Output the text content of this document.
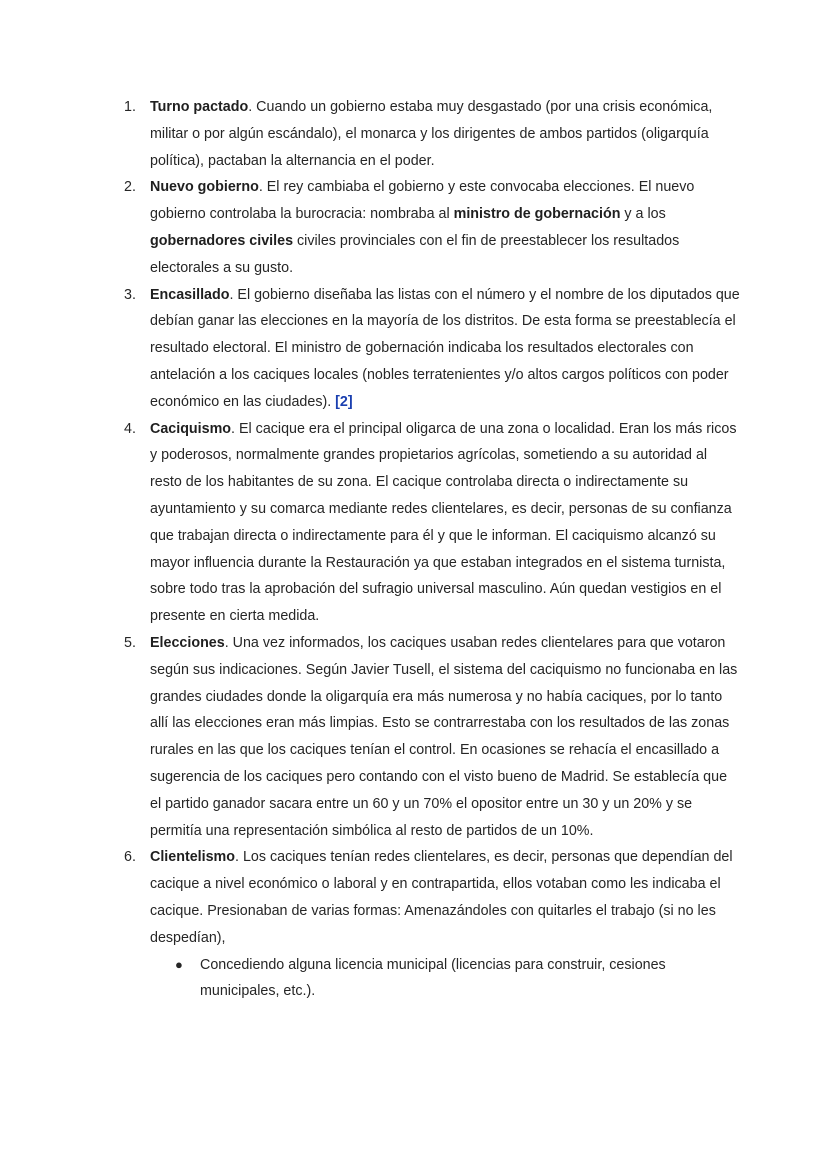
1. Turno pactado. Cuando un gobierno estaba muy desgastado (por una crisis económica, militar o por algún escándalo), el monarca y los dirigentes de ambos partidos (oligarquía política), pactaban la alternancia en el poder.
2. Nuevo gobierno. El rey cambiaba el gobierno y este convocaba elecciones. El nuevo gobierno controlaba la burocracia: nombraba al ministro de gobernación y a los gobernadores civiles civiles provinciales con el fin de preestablecer los resultados electorales a su gusto.
3. Encasillado. El gobierno diseñaba las listas con el número y el nombre de los diputados que debían ganar las elecciones en la mayoría de los distritos. De esta forma se preestablecía el resultado electoral. El ministro de gobernación indicaba los resultados electorales con antelación a los caciques locales (nobles terratenientes y/o altos cargos políticos con poder económico en las ciudades). [2]
4. Caciquismo. El cacique era el principal oligarca de una zona o localidad. Eran los más ricos y poderosos, normalmente grandes propietarios agrícolas, sometiendo a su autoridad al resto de los habitantes de su zona. El cacique controlaba directa o indirectamente su ayuntamiento y su comarca mediante redes clientelares, es decir, personas de su confianza que trabajan directa o indirectamente para él y que le informan. El caciquismo alcanzó su mayor influencia durante la Restauración ya que estaban integrados en el sistema turnista, sobre todo tras la aprobación del sufragio universal masculino. Aún quedan vestigios en el presente en cierta medida.
5. Elecciones. Una vez informados, los caciques usaban redes clientelares para que votaron según sus indicaciones. Según Javier Tusell, el sistema del caciquismo no funcionaba en las grandes ciudades donde la oligarquía era más numerosa y no había caciques, por lo tanto allí las elecciones eran más limpias. Esto se contrarrestaba con los resultados de las zonas rurales en las que los caciques tenían el control. En ocasiones se rehacía el encasillado a sugerencia de los caciques pero contando con el visto bueno de Madrid. Se establecía que el partido ganador sacara entre un 60 y un 70% el opositor entre un 30 y un 20% y se permitía una representación simbólica al resto de partidos de un 10%.
6. Clientelismo. Los caciques tenían redes clientelares, es decir, personas que dependían del cacique a nivel económico o laboral y en contrapartida, ellos votaban como les indicaba el cacique. Presionaban de varias formas: Amenazándoles con quitarles el trabajo (si no les despedían),
● Concediendo alguna licencia municipal (licencias para construir, cesiones municipales, etc.).
